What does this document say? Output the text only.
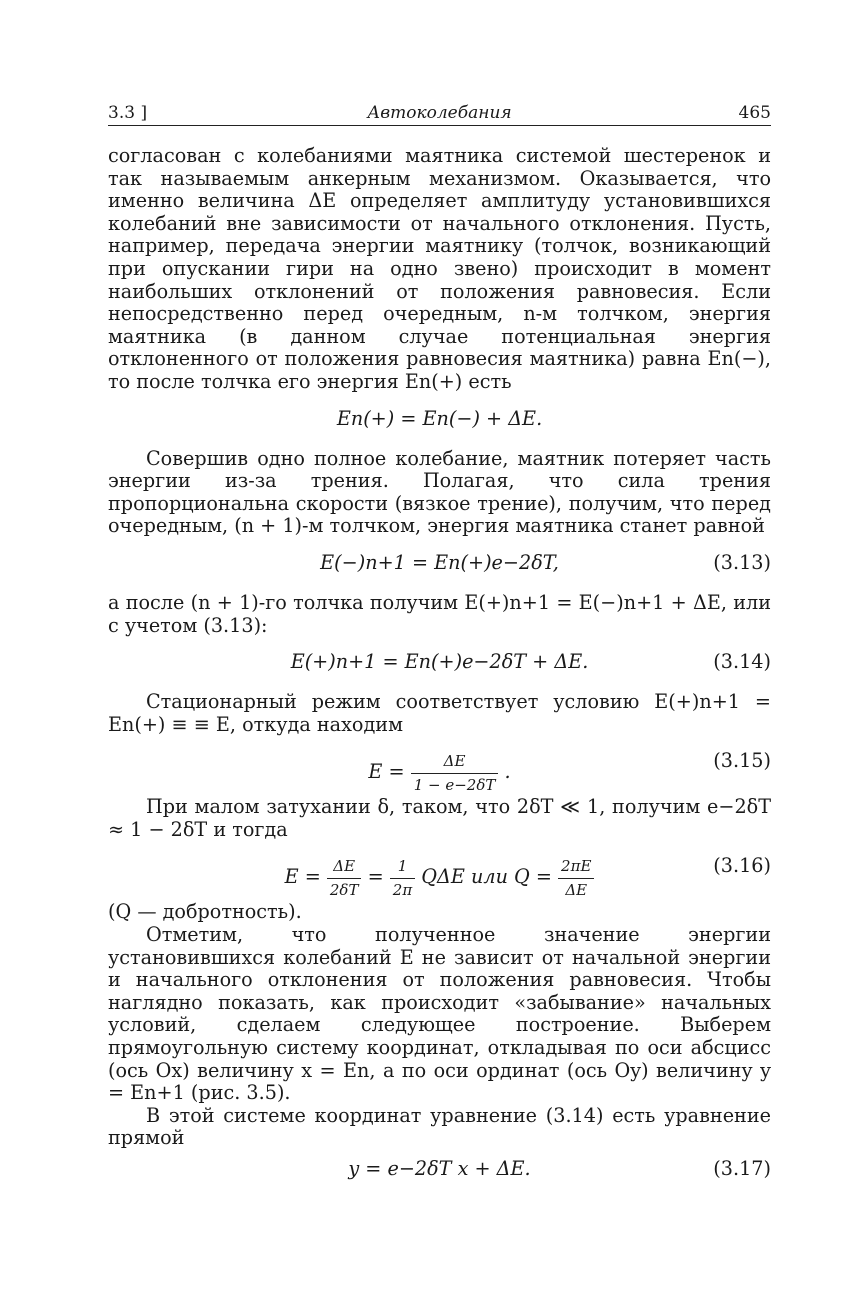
3.3 ]	Автоколебания	465

согласован с колебаниями маятника системой шестеренок и так называемым анкерным механизмом. Оказывается, что именно величина ΔE определяет амплитуду установившихся колебаний вне зависимости от начального отклонения. Пусть, например, передача энергии маятнику (толчок, возникающий при опускании гири на одно звено) происходит в момент наибольших отклонений от положения равновесия. Если непосредственно перед очередным, n-м толчком, энергия маятника (в данном случае потенциальная энергия отклоненного от положения равновесия маятника) равна En(−), то после толчка его энергия En(+) есть

En(+) = En(−) + ΔE.

Совершив одно полное колебание, маятник потеряет часть энергии из-за трения. Полагая, что сила трения пропорциональна скорости (вязкое трение), получим, что перед очередным, (n + 1)-м толчком, энергия маятника станет равной

E(−)n+1 = En(+)e−2δT,	(3.13)

а после (n + 1)-го толчка получим E(+)n+1 = E(−)n+1 + ΔE, или с учетом (3.13):

E(+)n+1 = En(+)e−2δT + ΔE.	(3.14)

Стационарный режим соответствует условию E(+)n+1 = En(+) ≡ ≡ E, откуда находим

$E = \frac{\Delta E}{1 - e-2\delta T}$ .	(3.15)

При малом затухании δ, таком, что 2δT ≪ 1, получим e−2δT ≈ 1 − 2δT и тогда

$E = \frac{\Delta E}{2\delta T} = \frac{1}{2\pi}$ QΔE или $Q = \frac{2\pi E}{\Delta E}$	(3.16)

(Q — добротность).

Отметим, что полученное значение энергии установившихся колебаний E не зависит от начальной энергии и начального отклонения от положения равновесия. Чтобы наглядно показать, как происходит «забывание» начальных условий, сделаем следующее построение. Выберем прямоугольную систему координат, откладывая по оси абсцисс (ось Ox) величину x = En, а по оси ординат (ось Oy) величину y = En+1 (рис. 3.5).

В этой системе координат уравнение (3.14) есть уравнение прямой

y = e−2δT x + ΔE.	(3.17)
